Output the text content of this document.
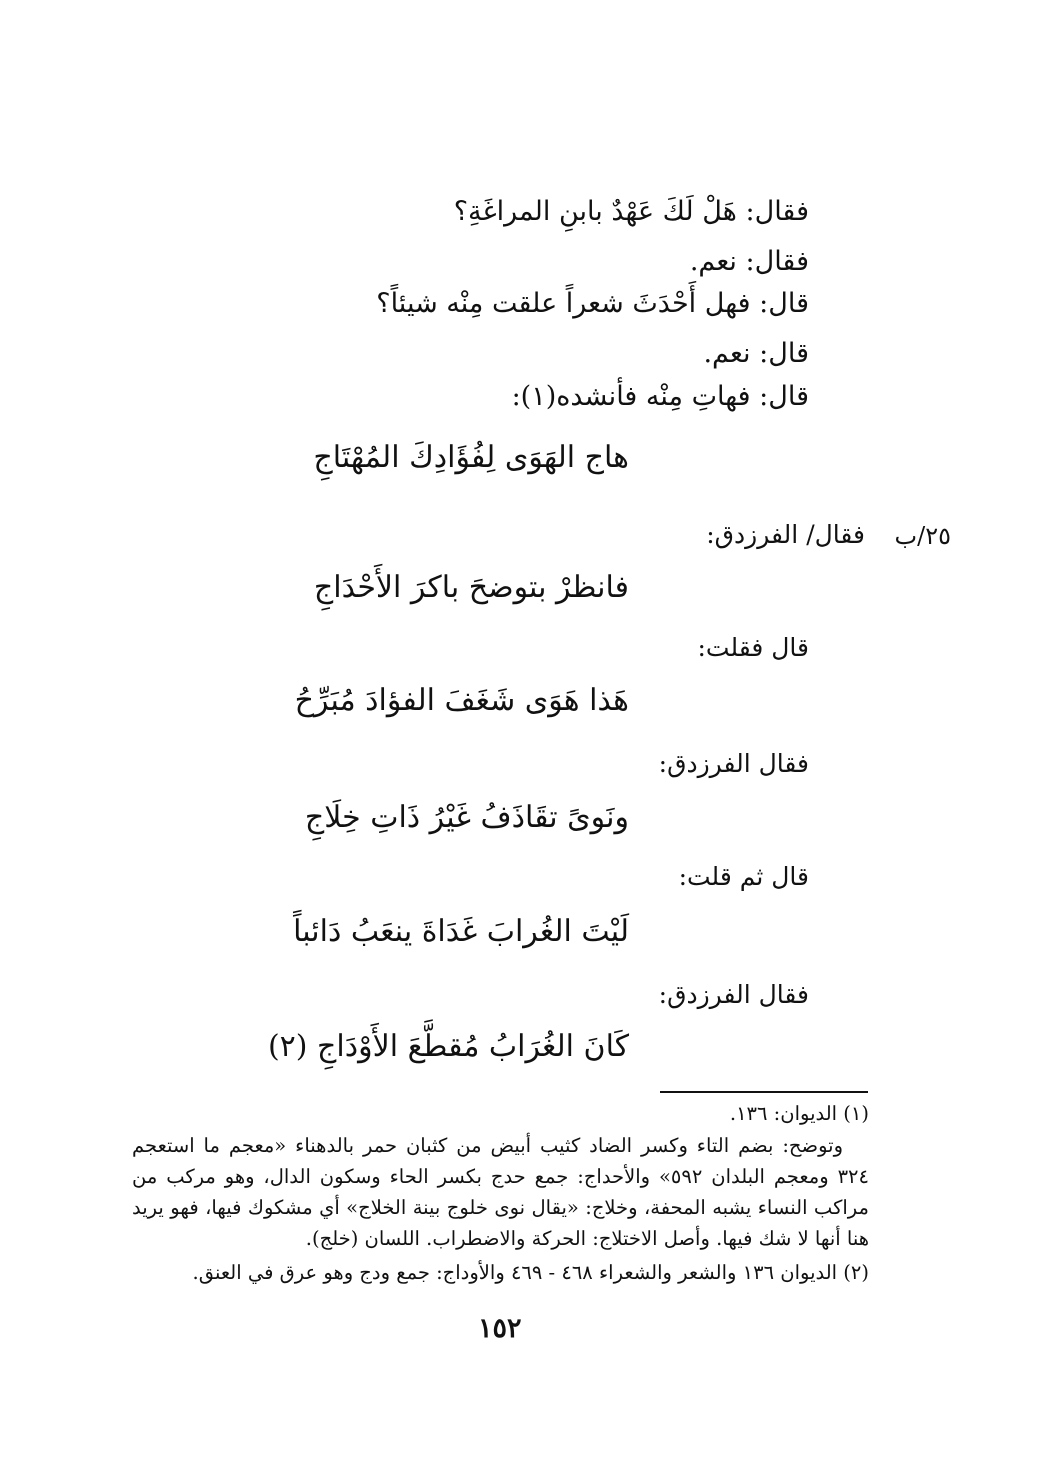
فقال: هَلْ لَكَ عَهْدٌ بابنِ المراغَةِ؟
فقال: نعم.
قال: فهل أَحْدَثَ شعراً علقت مِنْه شيئاً؟
قال: نعم.
قال: فهاتِ مِنْه فأنشده(١):
هاج الهَوَى لِفُؤَادِكَ المُهْتَاجِ
٢٥/ب
فقال/ الفرزدق:
فانظرْ بتوضحَ باكرَ الأَحْدَاجِ
قال فقلت:
هَذا هَوَى شَغَفَ الفؤادَ مُبَرِّحُ
فقال الفرزدق:
ونَوىً تقَاذَفُ غَيْرُ ذَاتِ خِلَاجِ
قال ثم قلت:
لَيْتَ الغُرابَ غَدَاةَ ينعَبُ دَائباً
فقال الفرزدق:
كَانَ الغُرَابُ مُقطَّعَ الأَوْدَاجِ (٢)
(١) الديوان: ١٣٦.
وتوضح: بضم التاء وكسر الضاد كثيب أبيض من كثبان حمر بالدهناء «معجم ما استعجم ٣٢٤ ومعجم البلدان ٥٩٢» والأحداج: جمع حدج بكسر الحاء وسكون الدال، وهو مركب من مراكب النساء يشبه المحفة، وخلاج: «يقال نوى خلوج بينة الخلاج» أي مشكوك فيها، فهو يريد هنا أنها لا شك فيها. وأصل الاختلاج: الحركة والاضطراب. اللسان (خلج).
(٢) الديوان ١٣٦ والشعر والشعراء ٤٦٨ - ٤٦٩ والأوداج: جمع ودج وهو عرق في العنق.
١٥٢
